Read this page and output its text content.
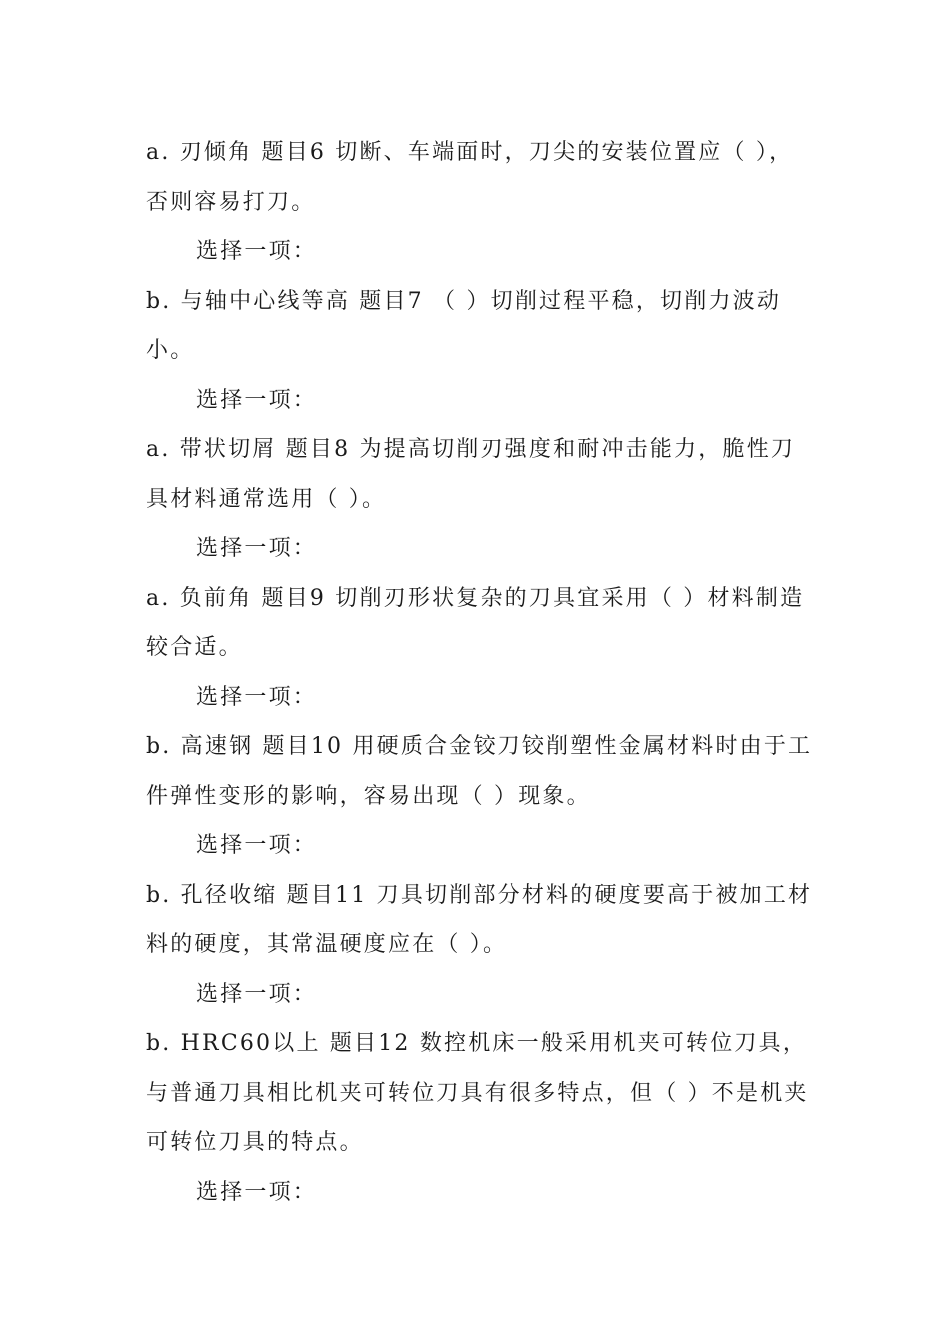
a. 刃倾角 题目6 切断、车端面时，刀尖的安装位置应（ ），否则容易打刀。

选择一项：

b. 与轴中心线等高 题目7 （ ）切削过程平稳，切削力波动小。

选择一项：

a. 带状切屑 题目8 为提高切削刃强度和耐冲击能力，脆性刀具材料通常选用（ ）。

选择一项：

a. 负前角 题目9 切削刃形状复杂的刀具宜采用（ ）材料制造较合适。

选择一项：

b. 高速钢 题目10 用硬质合金铰刀铰削塑性金属材料时由于工件弹性变形的影响，容易出现（ ）现象。

选择一项：

b. 孔径收缩 题目11 刀具切削部分材料的硬度要高于被加工材料的硬度，其常温硬度应在（ ）。

选择一项：

b. HRC60以上 题目12 数控机床一般采用机夹可转位刀具，与普通刀具相比机夹可转位刀具有很多特点，但（ ）不是机夹可转位刀具的特点。

选择一项：
